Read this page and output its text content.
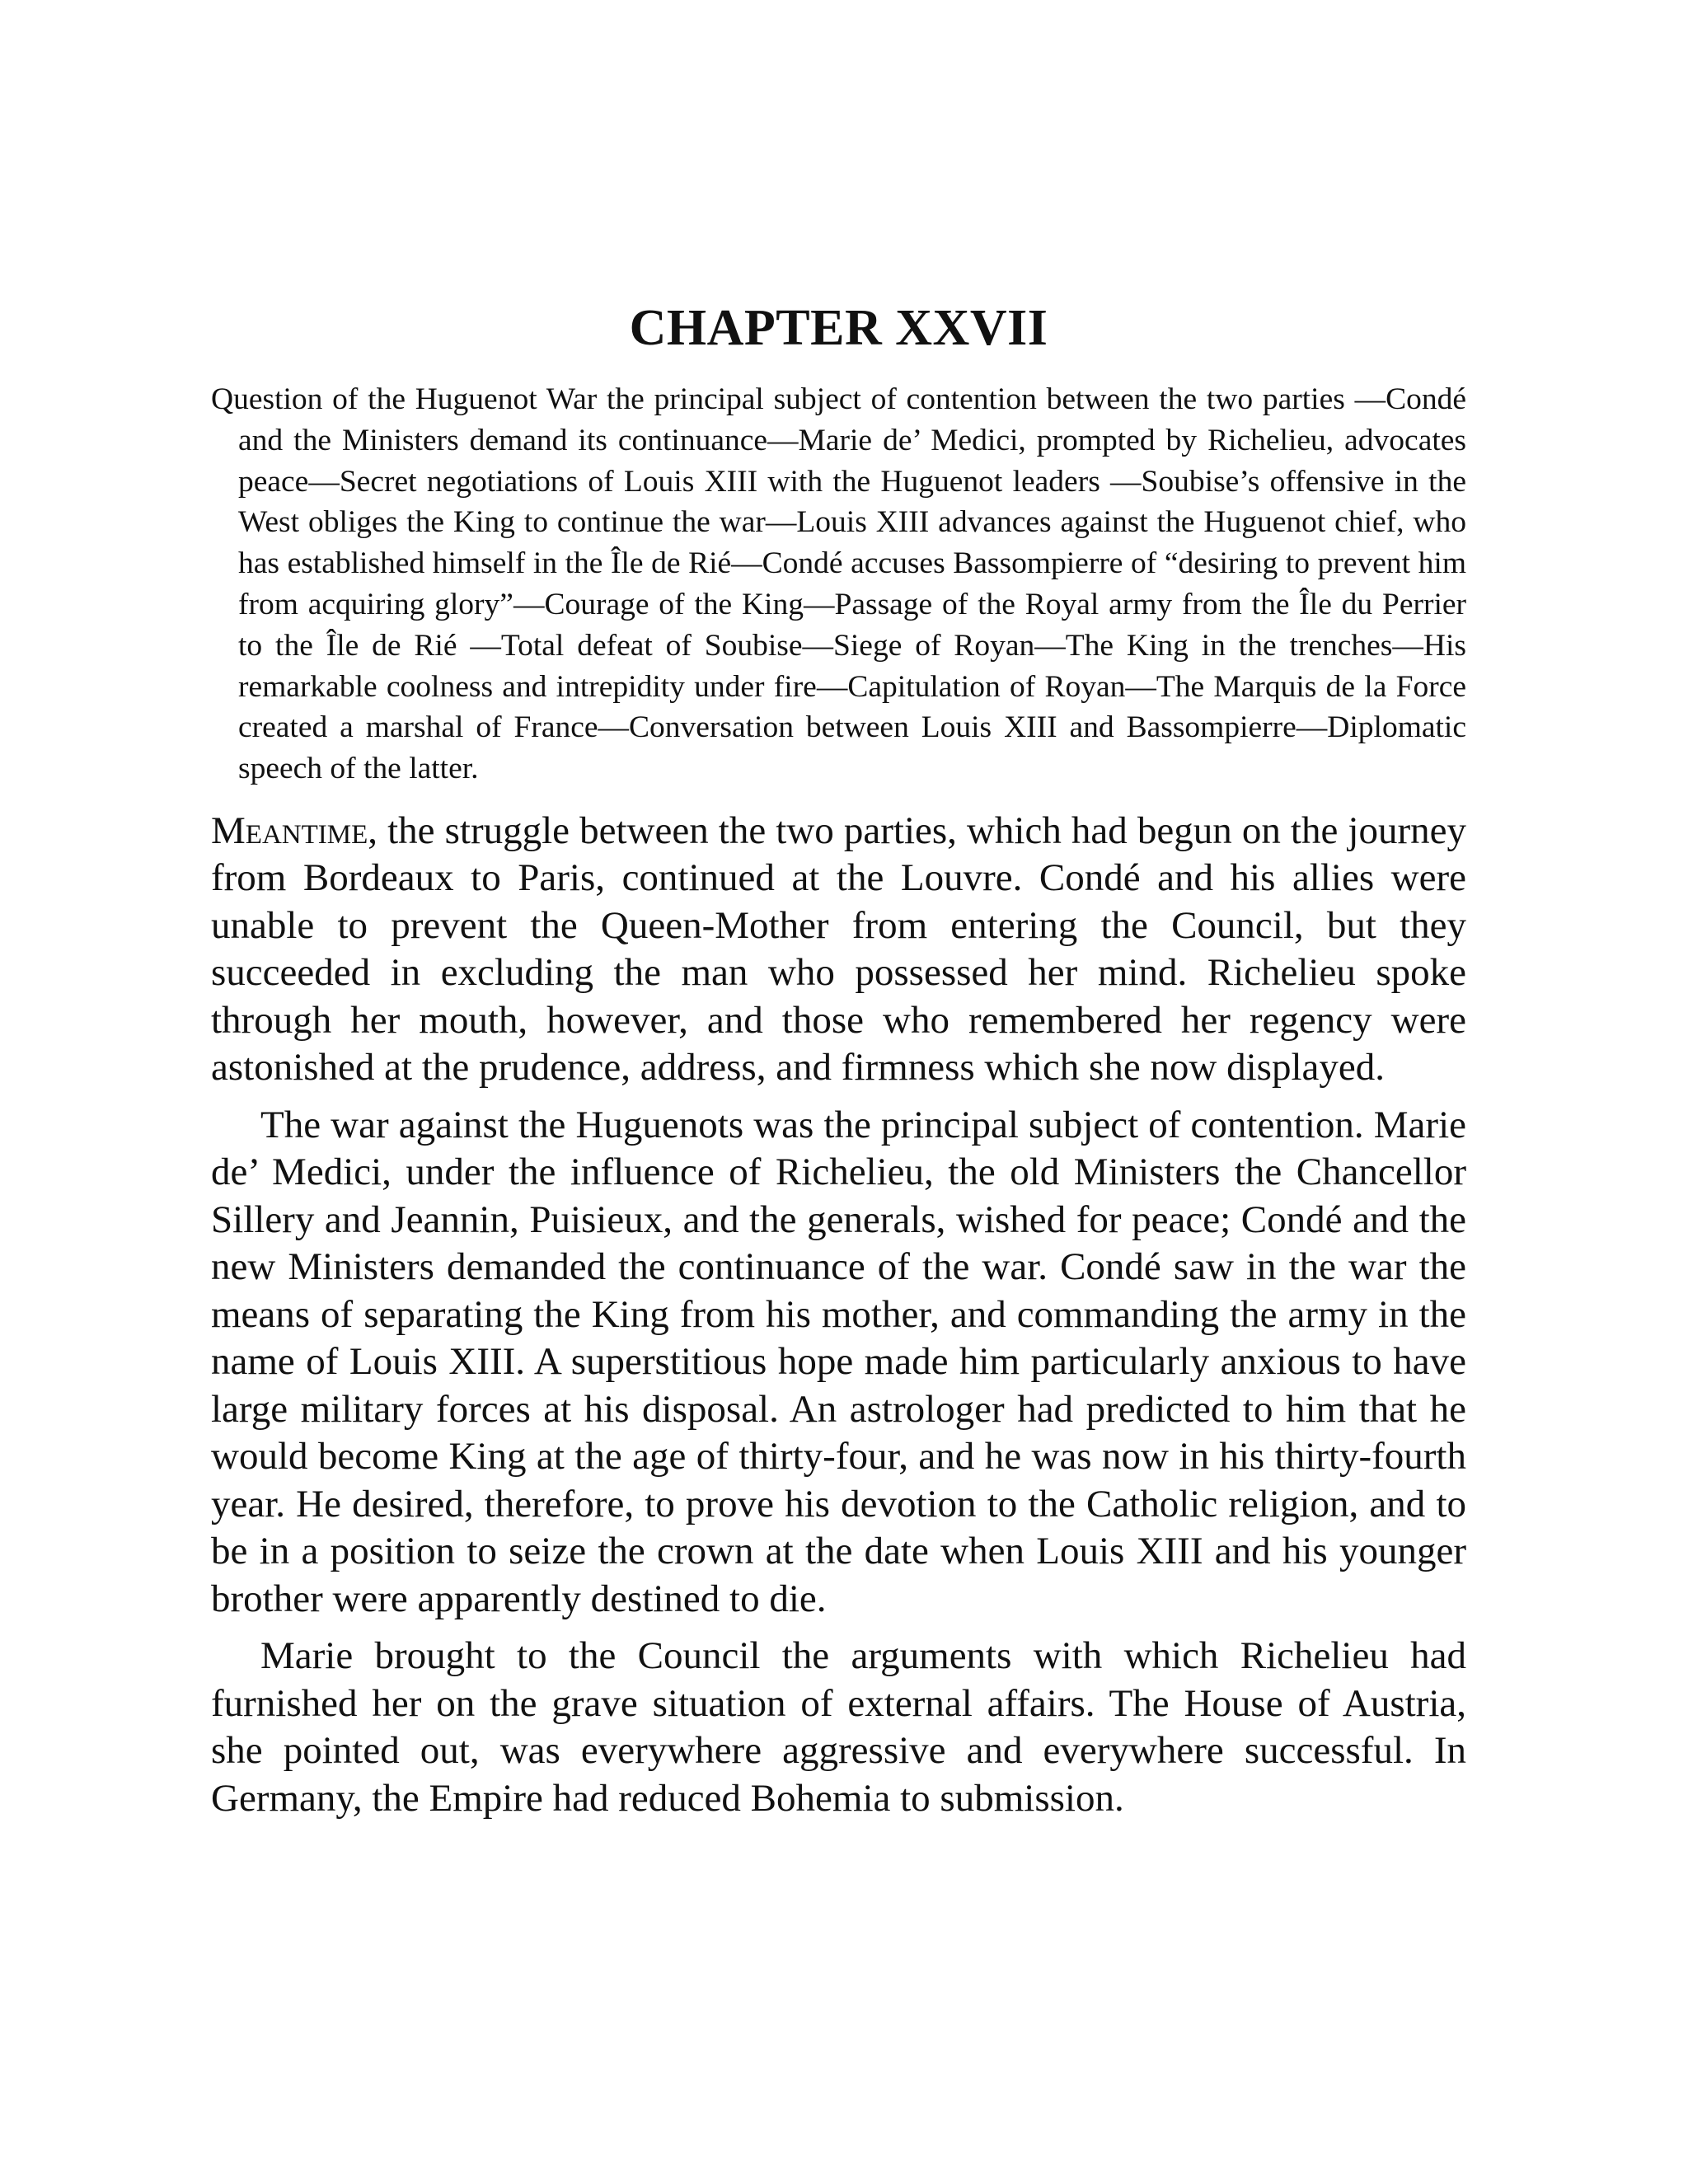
CHAPTER XXVII

Question of the Huguenot War the principal subject of contention between the two parties —Condé and the Ministers demand its continuance—Marie de’ Medici, prompted by Richelieu, advocates peace—Secret negotiations of Louis XIII with the Huguenot leaders —Soubise’s offensive in the West obliges the King to continue the war—Louis XIII advances against the Huguenot chief, who has established himself in the Île de Rié—Condé accuses Bassompierre of “desiring to prevent him from acquiring glory”—Courage of the King—Passage of the Royal army from the Île du Perrier to the Île de Rié —Total defeat of Soubise—Siege of Royan—The King in the trenches—His remarkable coolness and intrepidity under fire—Capitulation of Royan—The Marquis de la Force created a marshal of France—Conversation between Louis XIII and Bassompierre—Diplomatic speech of the latter.

Meantime, the struggle between the two parties, which had begun on the journey from Bordeaux to Paris, continued at the Louvre. Condé and his allies were unable to prevent the Queen-Mother from entering the Council, but they succeeded in excluding the man who possessed her mind. Richelieu spoke through her mouth, however, and those who remembered her regency were astonished at the prudence, address, and firmness which she now displayed.

The war against the Huguenots was the principal subject of contention. Marie de’ Medici, under the influence of Richelieu, the old Ministers the Chancellor Sillery and Jeannin, Puisieux, and the generals, wished for peace; Condé and the new Ministers demanded the continuance of the war. Condé saw in the war the means of separating the King from his mother, and commanding the army in the name of Louis XIII. A superstitious hope made him particularly anxious to have large military forces at his disposal. An astrologer had predicted to him that he would become King at the age of thirty-four, and he was now in his thirty-fourth year. He desired, therefore, to prove his devotion to the Catholic religion, and to be in a position to seize the crown at the date when Louis XIII and his younger brother were apparently destined to die.

Marie brought to the Council the arguments with which Richelieu had furnished her on the grave situation of external affairs. The House of Austria, she pointed out, was everywhere aggressive and everywhere successful. In Germany, the Empire had reduced Bohemia to submission.
